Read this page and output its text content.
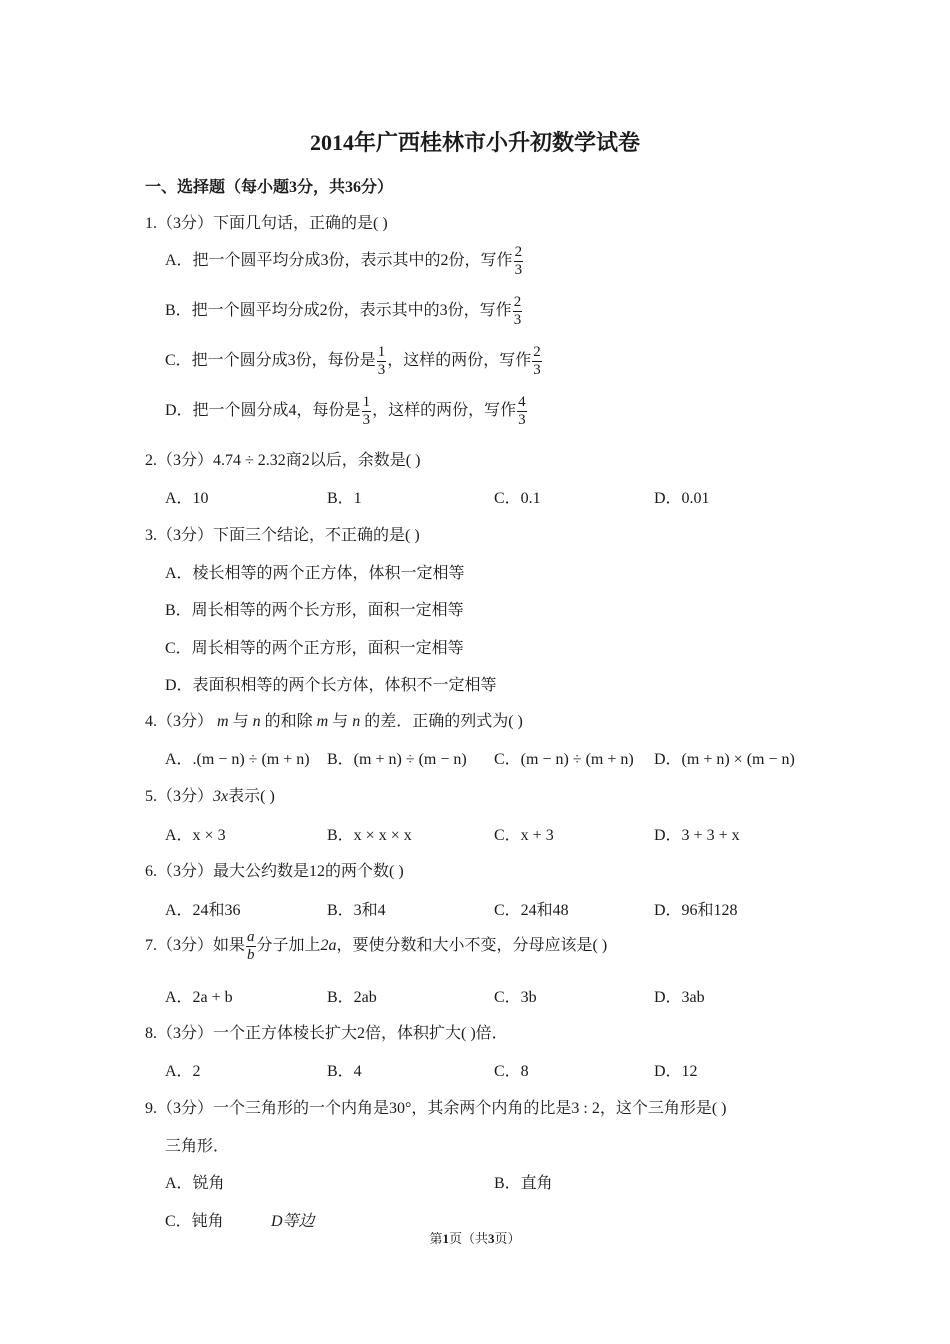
2014年广西桂林市小升初数学试卷
一、选择题（每小题3分，共36分）
1.（3分）下面几句话，正确的是( )
A．把一个圆平均分成3份，表示其中的2份，写作 $\frac{2}{3}$
B．把一个圆平均分成2份，表示其中的3份，写作 $\frac{2}{3}$
C．把一个圆分成3份，每份是 $\frac{1}{3}$ ，这样的两份，写作 $\frac{2}{3}$
D．把一个圆分成4，每份是 $\frac{1}{3}$ ，这样的两份，写作 $\frac{4}{3}$
2.（3分）4.74 ÷ 2.32商2以后，余数是( )
A．10	B．1	C．0.1	D．0.01
3.（3分）下面三个结论，不正确的是( )
A．棱长相等的两个正方体，体积一定相等
B．周长相等的两个长方形，面积一定相等
C．周长相等的两个正方形，面积一定相等
D．表面积相等的两个长方体，体积不一定相等
4.（3分） m 与 n 的和除 m 与 n 的差．正确的列式为( )
A．.(m − n) ÷ (m + n) B．(m + n) ÷ (m − n) C．(m − n) ÷ (m + n) D．(m + n) × (m − n)
5.（3分）3x表示( )
A．x × 3	B．x × x × x	C．x + 3	D．3 + 3 + x
6.（3分）最大公约数是12的两个数( )
A．24和36	B．3和4	C．24和48	D．96和128
7.（3分）如果 $\frac{a}{b}$ 分子加上2a，要使分数和大小不变，分母应该是( )
A．2a + b	B．2ab	C．3b	D．3ab
8.（3分）一个正方体棱长扩大2倍，体积扩大( )倍．
A．2	B．4	C．8	D．12
9.（3分）一个三角形的一个内角是30°，其余两个内角的比是3 : 2，这个三角形是( )
三角形．
A．锐角	B．直角
C．钝角	D等边
第1页（共3页）
